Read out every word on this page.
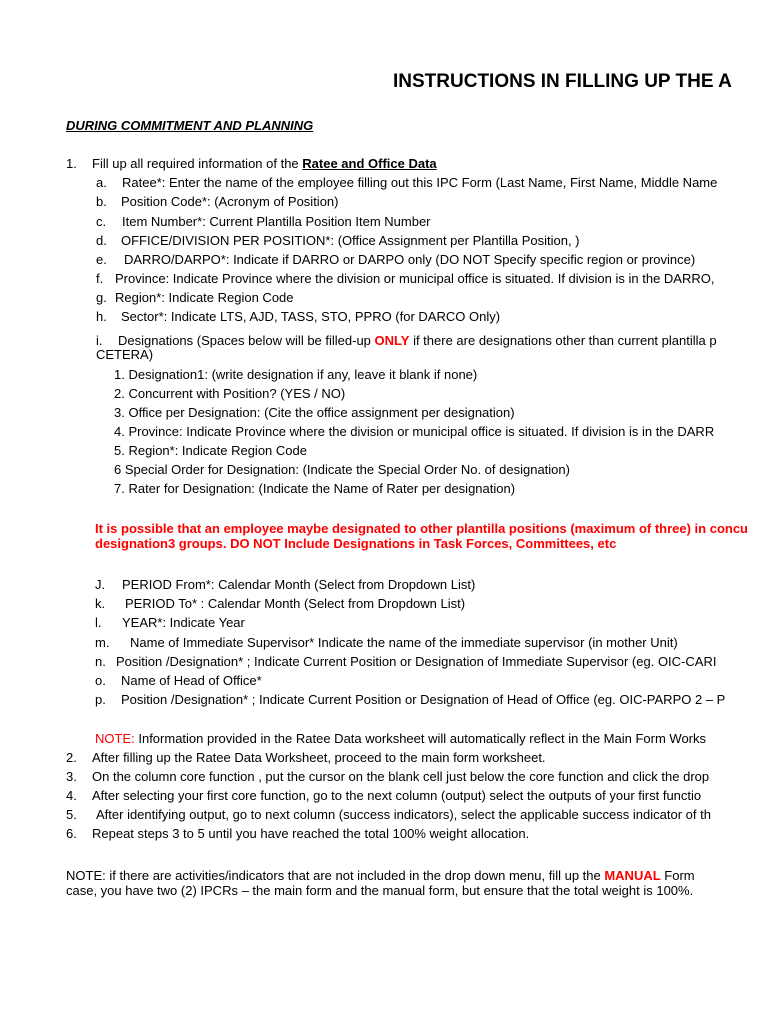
INSTRUCTIONS IN FILLING UP THE A
DURING COMMITMENT AND PLANNING
1. Fill up all required information of the Ratee and Office Data
a. Ratee*: Enter the name of the employee filling out this IPC Form (Last Name, First Name, Middle Name
b. Position Code*: (Acronym of Position)
c. Item Number*: Current Plantilla Position Item Number
d. OFFICE/DIVISION PER POSITION*: (Office Assignment per Plantilla Position, )
e. DARRO/DARPO*: Indicate if DARRO or DARPO only (DO NOT Specify specific region or province)
f. Province: Indicate Province where the division or municipal office is situated. If division is in the DARRO,
g. Region*: Indicate Region Code
h. Sector*: Indicate LTS, AJD, TASS, STO, PPRO (for DARCO Only)
i. Designations (Spaces below will be filled-up ONLY if there are designations other than current plantilla p
CETERA)
1. Designation1: (write designation if any, leave it blank if none)
2. Concurrent with Position? (YES / NO)
3. Office per Designation: (Cite the office assignment per designation)
4. Province: Indicate Province where the division or municipal office is situated. If division is in the DARR
5. Region*: Indicate Region Code
6 Special Order for Designation: (Indicate the Special Order No. of designation)
7. Rater for Designation: (Indicate the Name of Rater per designation)
It is possible that an employee maybe designated to other plantilla positions (maximum of three) in concu
designation3 groups. DO NOT Include Designations in Task Forces, Committees, etc
J. PERIOD From*: Calendar Month (Select from Dropdown List)
k. PERIOD To* : Calendar Month (Select from Dropdown List)
l. YEAR*: Indicate Year
m. Name of Immediate Supervisor* Indicate the name of the immediate supervisor (in mother Unit)
n. Position /Designation* ; Indicate Current Position or Designation of Immediate Supervisor (eg. OIC-CARI
o. Name of Head of Office*
p. Position /Designation* ; Indicate Current Position or Designation of Head of Office (eg. OIC-PARPO 2 – P
NOTE: Information provided in the Ratee Data worksheet will automatically reflect in the Main Form Works
2. After filling up the Ratee Data Worksheet, proceed to the main form worksheet.
3. On the column core function , put the cursor on the blank cell just below the core function and click the drop
4. After selecting your first core function, go to the next column (output) select the outputs of your first functio
5. After identifying output, go to next column (success indicators), select the applicable success indicator of th
6. Repeat steps 3 to 5 until you have reached the total 100% weight allocation.
NOTE: if there are activities/indicators that are not included in the drop down menu, fill up the MANUAL Form
case, you have two (2) IPCRs – the main form and the manual form, but ensure that the total weight is 100%.
